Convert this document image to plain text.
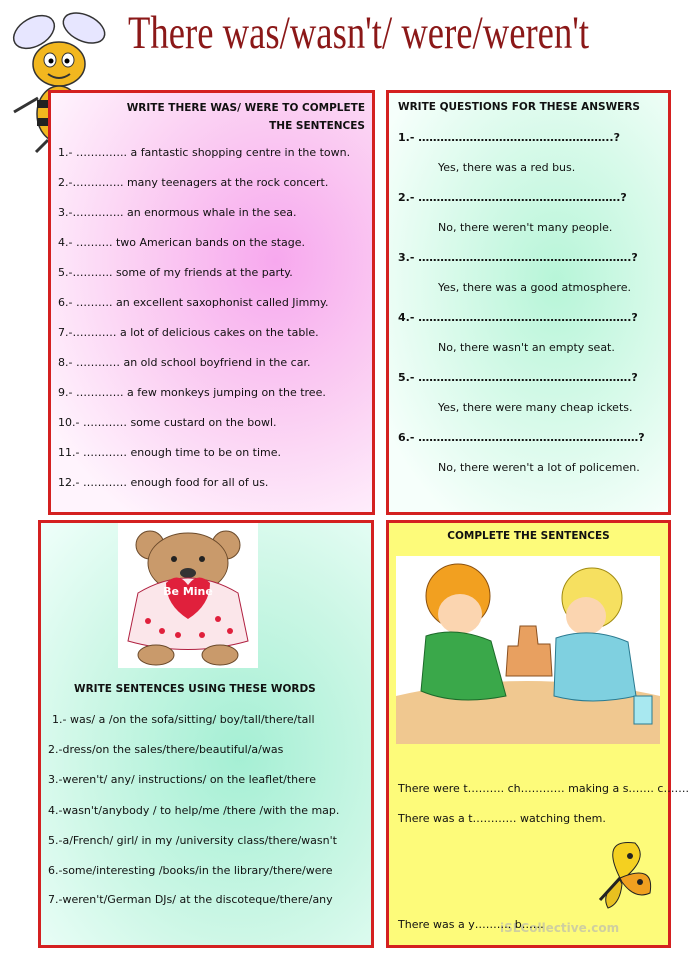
There was/wasn't/ were/weren't
WRITE THERE WAS/ WERE TO COMPLETE THE SENTENCES
WRITE QUESTIONS FOR THESE ANSWERS
Be Mine
WRITE SENTENCES USING THESE WORDS
COMPLETE THE SENTENCES
iSLCollective.com
1.- ………….. a fantastic shopping centre in the town.
2.-………….. many teenagers at the rock concert.
3.-………….. an enormous whale in the sea.
4.- ………. two American bands on the stage.
5.-……….. some of my friends at the party.
6.- ………. an excellent saxophonist called Jimmy.
7.-………… a lot of delicious cakes on the table.
8.- ………… an old school boyfriend in the car.
9.- …………. a few monkeys jumping on the tree.
10.- ………… some custard on the bowl.
11.- ………… enough time to be on time.
12.- ………… enough food for all of us.
1.- ……………………………………………..?
Yes, there was a red bus.
2.- ……………………………………………….?
No, there weren't many people.
3.- ………………………………………………….?
Yes, there was a good atmosphere.
4.- ………………………………………………….?
No, there wasn't an empty seat.
5.- ………………………………………………….?
Yes, there were many cheap ickets.
6.- ……………………………………………………?
No, there weren't a lot of policemen.
1.- was/ a /on the sofa/sitting/ boy/tall/there/tall
2.-dress/on the sales/there/beautiful/a/was
3.-weren't/ any/ instructions/ on the leaflet/there
4.-wasn't/anybody / to help/me /there /with the map.
5.-a/French/ girl/ in my /university class/there/wasn't
6.-some/interesting /books/in the library/there/were
7.-weren't/German DJs/ at the discoteque/there/any
There were t………. ch………… making a s……. c…….
There was a t………… watching them.
There was a y………. b……
